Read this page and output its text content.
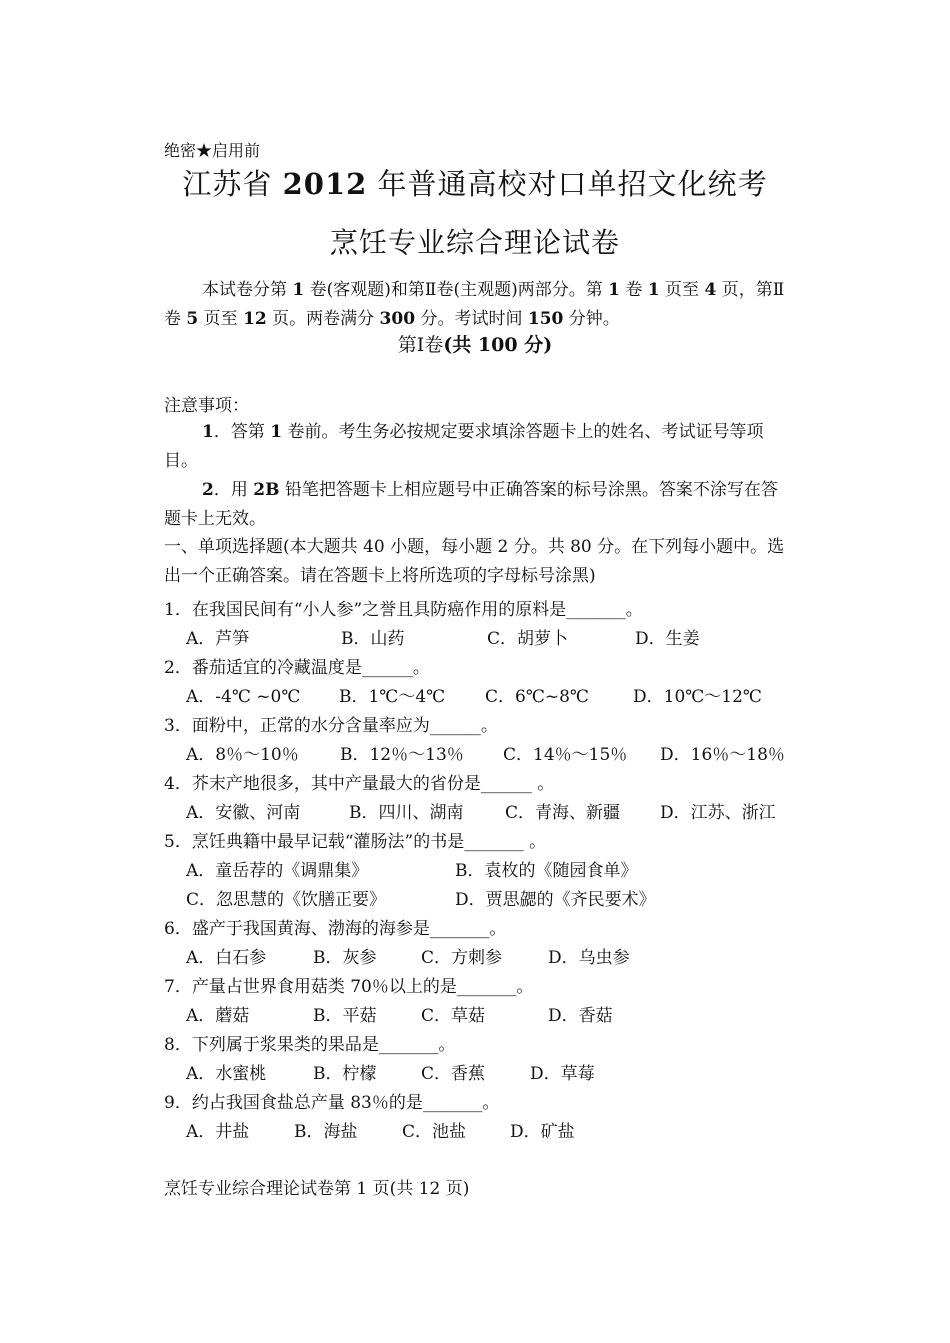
绝密★启用前
江苏省 2012 年普通高校对口单招文化统考
烹饪专业综合理论试卷
本试卷分第 1 卷(客观题)和第Ⅱ卷(主观题)两部分。第 1 卷 1 页至 4 页，第Ⅱ卷 5 页至 12 页。两卷满分 300 分。考试时间 150 分钟。
第Ⅰ卷(共 100 分)
注意事项：
1．答第 1 卷前。考生务必按规定要求填涂答题卡上的姓名、考试证号等项目。
2．用 2B 铅笔把答题卡上相应题号中正确答案的标号涂黑。答案不涂写在答题卡上无效。
一、单项选择题(本大题共 40 小题，每小题 2 分。共 80 分。在下列每小题中。选出一个正确答案。请在答题卡上将所选项的字母标号涂黑)
1．在我国民间有“小人参”之誉且具防癌作用的原料是_______。
A．芦笋	B．山药	C．胡萝卜	D．生姜
2．番茄适宜的冷藏温度是______。
A．-4℃ ~0℃ B．1℃～4℃ C．6℃~8℃	D．10℃～12℃
3．面粉中，正常的水分含量率应为______。
A．8％～10％ B．12％～13％ C．14％～15％ D．16％～18％
4．芥末产地很多，其中产量最大的省份是______ 。
A．安徽、河南	B．四川、湖南 C．青海、新疆 D．江苏、浙江
5．烹饪典籍中最早记载“灌肠法”的书是_______ 。
A．童岳荐的《调鼎集》	B．袁枚的《随园食单》
C．忽思慧的《饮膳正要》	D．贾思勰的《齐民要术》
6．盛产于我国黄海、渤海的海参是_______。
A．白石参	B．灰参	C．方刺参	D．乌虫参
7．产量占世界食用菇类 70％以上的是_______。
A．蘑菇	B．平菇	C．草菇	D．香菇
8．下列属于浆果类的果品是_______。
A．水蜜桃	B．柠檬	C．香蕉	D．草莓
9．约占我国食盐总产量 83％的是_______。
A．井盐	B．海盐	C．池盐	D．矿盐
烹饪专业综合理论试卷第 1 页(共 12 页)
